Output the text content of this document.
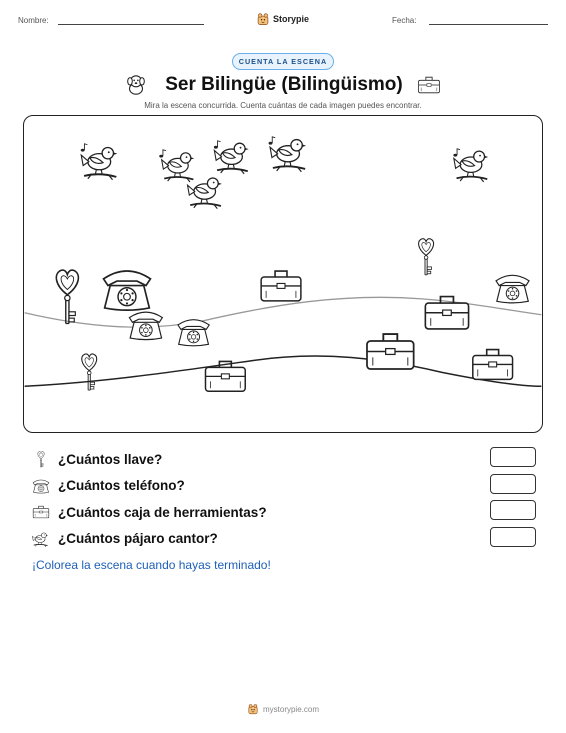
Nombre:	Storypie	Fecha:
CUENTA LA ESCENA
Ser Bilingüe (Bilingüismo)

Mira la escena concurrida. Cuenta cuántas de cada imagen puedes encontrar.

¿Cuántos llave?
¿Cuántos teléfono?
¿Cuántos caja de herramientas?
¿Cuántos pájaro cantor?

¡Colorea la escena cuando hayas terminado!

mystorypie.com
